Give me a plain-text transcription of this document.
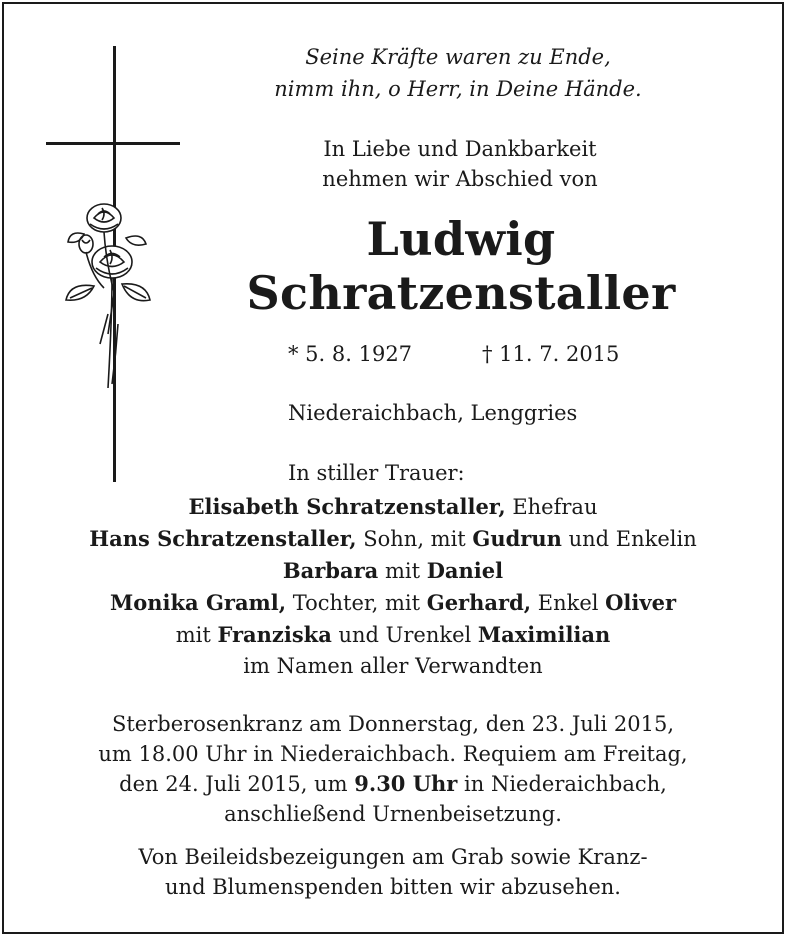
Seine Kräfte waren zu Ende,
nimm ihn, o Herr, in Deine Hände.
In Liebe und Dankbarkeit
nehmen wir Abschied von
Ludwig
Schratzenstaller
* 5. 8. 1927	† 11. 7. 2015
Niederaichbach, Lenggries
In stiller Trauer:
Elisabeth Schratzenstaller, Ehefrau
Hans Schratzenstaller, Sohn, mit Gudrun und Enkelin
Barbara mit Daniel
Monika Graml, Tochter, mit Gerhard, Enkel Oliver
mit Franziska und Urenkel Maximilian
im Namen aller Verwandten
Sterberosenkranz am Donnerstag, den 23. Juli 2015,
um 18.00 Uhr in Niederaichbach. Requiem am Freitag,
den 24. Juli 2015, um 9.30 Uhr in Niederaichbach,
anschließend Urnenbeisetzung.
Von Beileidsbezeigungen am Grab sowie Kranz-
und Blumenspenden bitten wir abzusehen.
